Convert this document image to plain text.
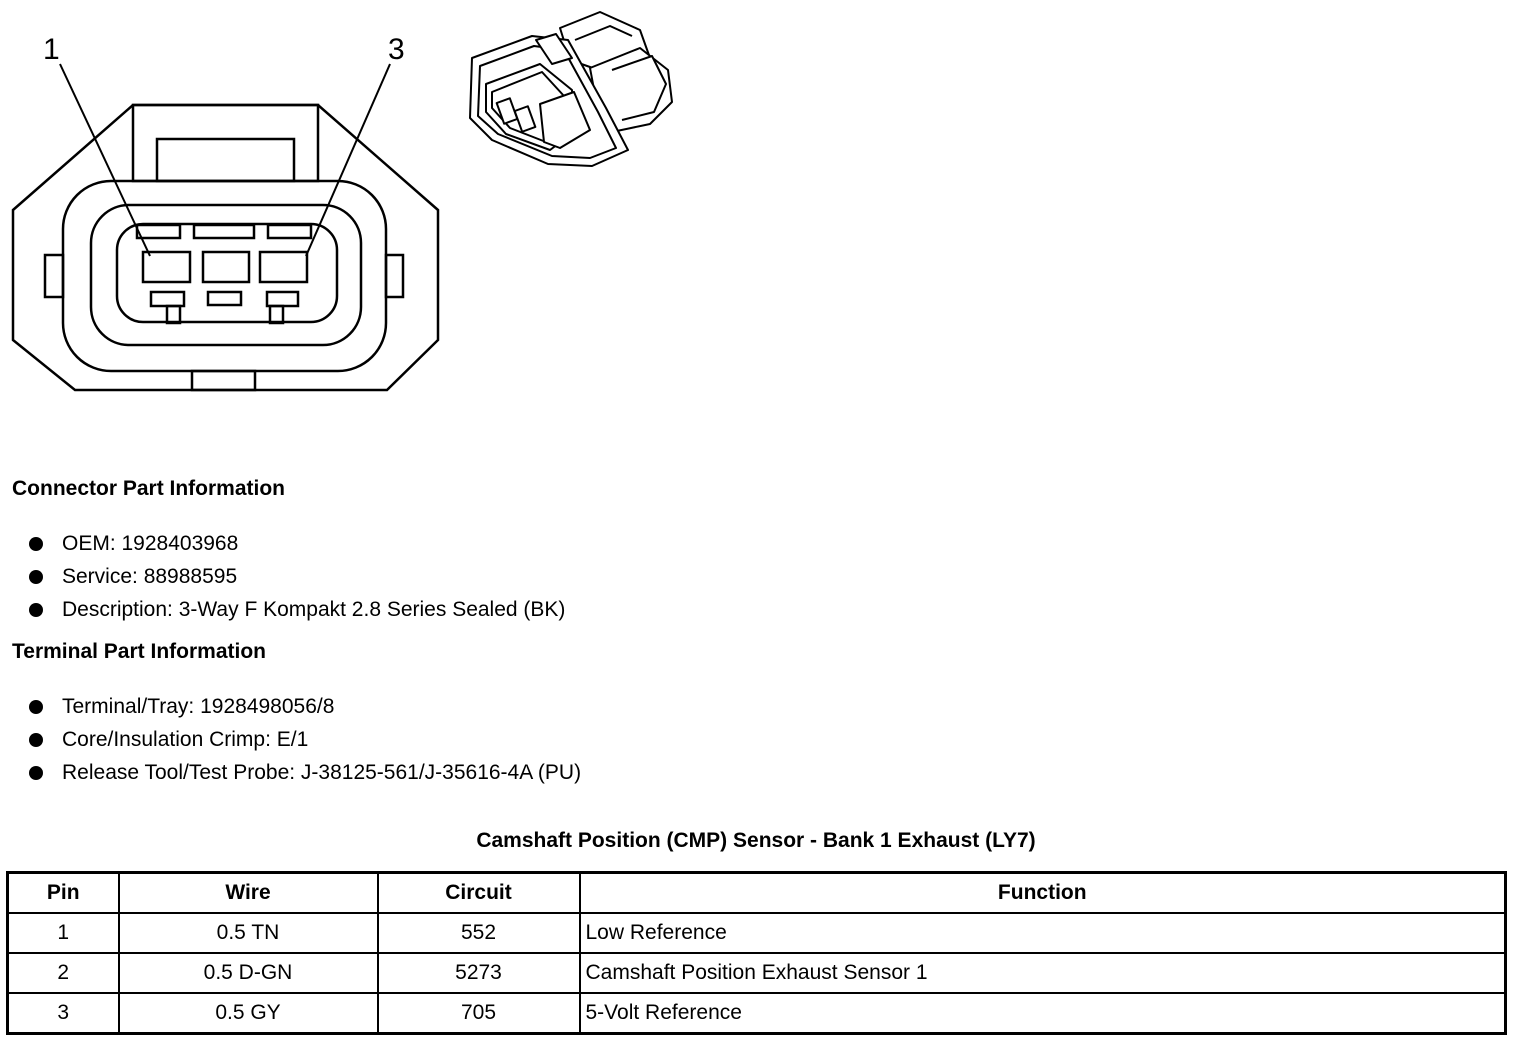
1	3
Connector Part Information
OEM: 1928403968
Service: 88988595
Description: 3-Way F Kompakt 2.8 Series Sealed (BK)
Terminal Part Information
Terminal/Tray: 1928498056/8
Core/Insulation Crimp: E/1
Release Tool/Test Probe: J-38125-561/J-35616-4A (PU)
Camshaft Position (CMP) Sensor - Bank 1 Exhaust (LY7)
Pin	Wire	Circuit	Function
1	0.5 TN	552	Low Reference
2	0.5 D-GN	5273	Camshaft Position Exhaust Sensor 1
3	0.5 GY	705	5-Volt Reference
